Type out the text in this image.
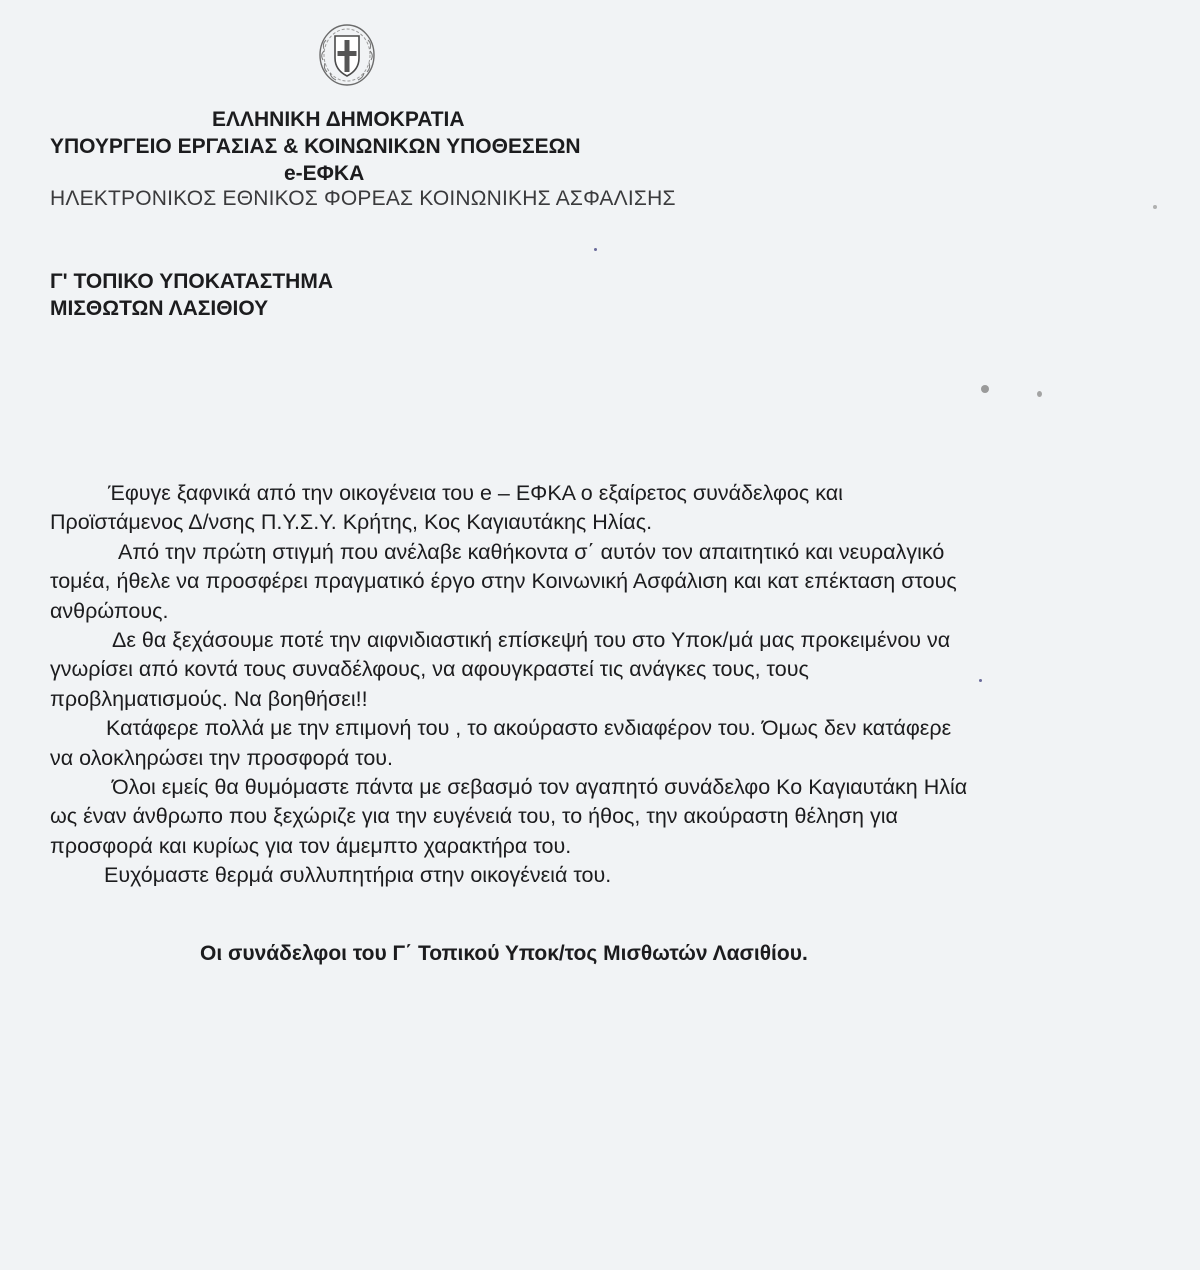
ΕΛΛΗΝΙΚΗ ΔΗΜΟΚΡΑΤΙΑ
ΥΠΟΥΡΓΕΙΟ ΕΡΓΑΣΙΑΣ & ΚΟΙΝΩΝΙΚΩΝ ΥΠΟΘΕΣΕΩΝ
e-ΕΦΚΑ
ΗΛΕΚΤΡΟΝΙΚΟΣ ΕΘΝΙΚΟΣ ΦΟΡΕΑΣ ΚΟΙΝΩΝΙΚΗΣ ΑΣΦΑΛΙΣΗΣ
Γ' ΤΟΠΙΚΟ ΥΠΟΚΑΤΑΣΤΗΜΑ
ΜΙΣΘΩΤΩΝ ΛΑΣΙΘΙΟΥ

Έφυγε ξαφνικά από την οικογένεια του e – ΕΦΚΑ ο εξαίρετος συνάδελφος και

Προϊστάμενος Δ/νσης Π.Υ.Σ.Υ. Κρήτης, Κος Καγιαυτάκης Ηλίας.

Από την πρώτη στιγμή που ανέλαβε καθήκοντα σ΄ αυτόν τον απαιτητικό και νευραλγικό

τομέα, ήθελε να προσφέρει πραγματικό έργο στην Κοινωνική Ασφάλιση και κατ επέκταση στους

ανθρώπους.

Δε θα ξεχάσουμε ποτέ την αιφνιδιαστική επίσκεψή του στο Υποκ/μά μας προκειμένου να

γνωρίσει από κοντά τους συναδέλφους, να αφουγκραστεί τις ανάγκες τους, τους

προβληματισμούς. Να βοηθήσει!!

Κατάφερε πολλά με την επιμονή του , το ακούραστο ενδιαφέρον του. Όμως δεν κατάφερε

να ολοκληρώσει την προσφορά του.

Όλοι εμείς θα θυμόμαστε πάντα με σεβασμό τον αγαπητό συνάδελφο Κο Καγιαυτάκη Ηλία

ως έναν άνθρωπο που ξεχώριζε για την ευγένειά του, το ήθος, την ακούραστη θέληση για

προσφορά και κυρίως για τον άμεμπτο χαρακτήρα του.

Ευχόμαστε θερμά συλλυπητήρια στην οικογένειά του.

Οι συνάδελφοι του Γ΄ Τοπικού Υποκ/τος Μισθωτών Λασιθίου.
